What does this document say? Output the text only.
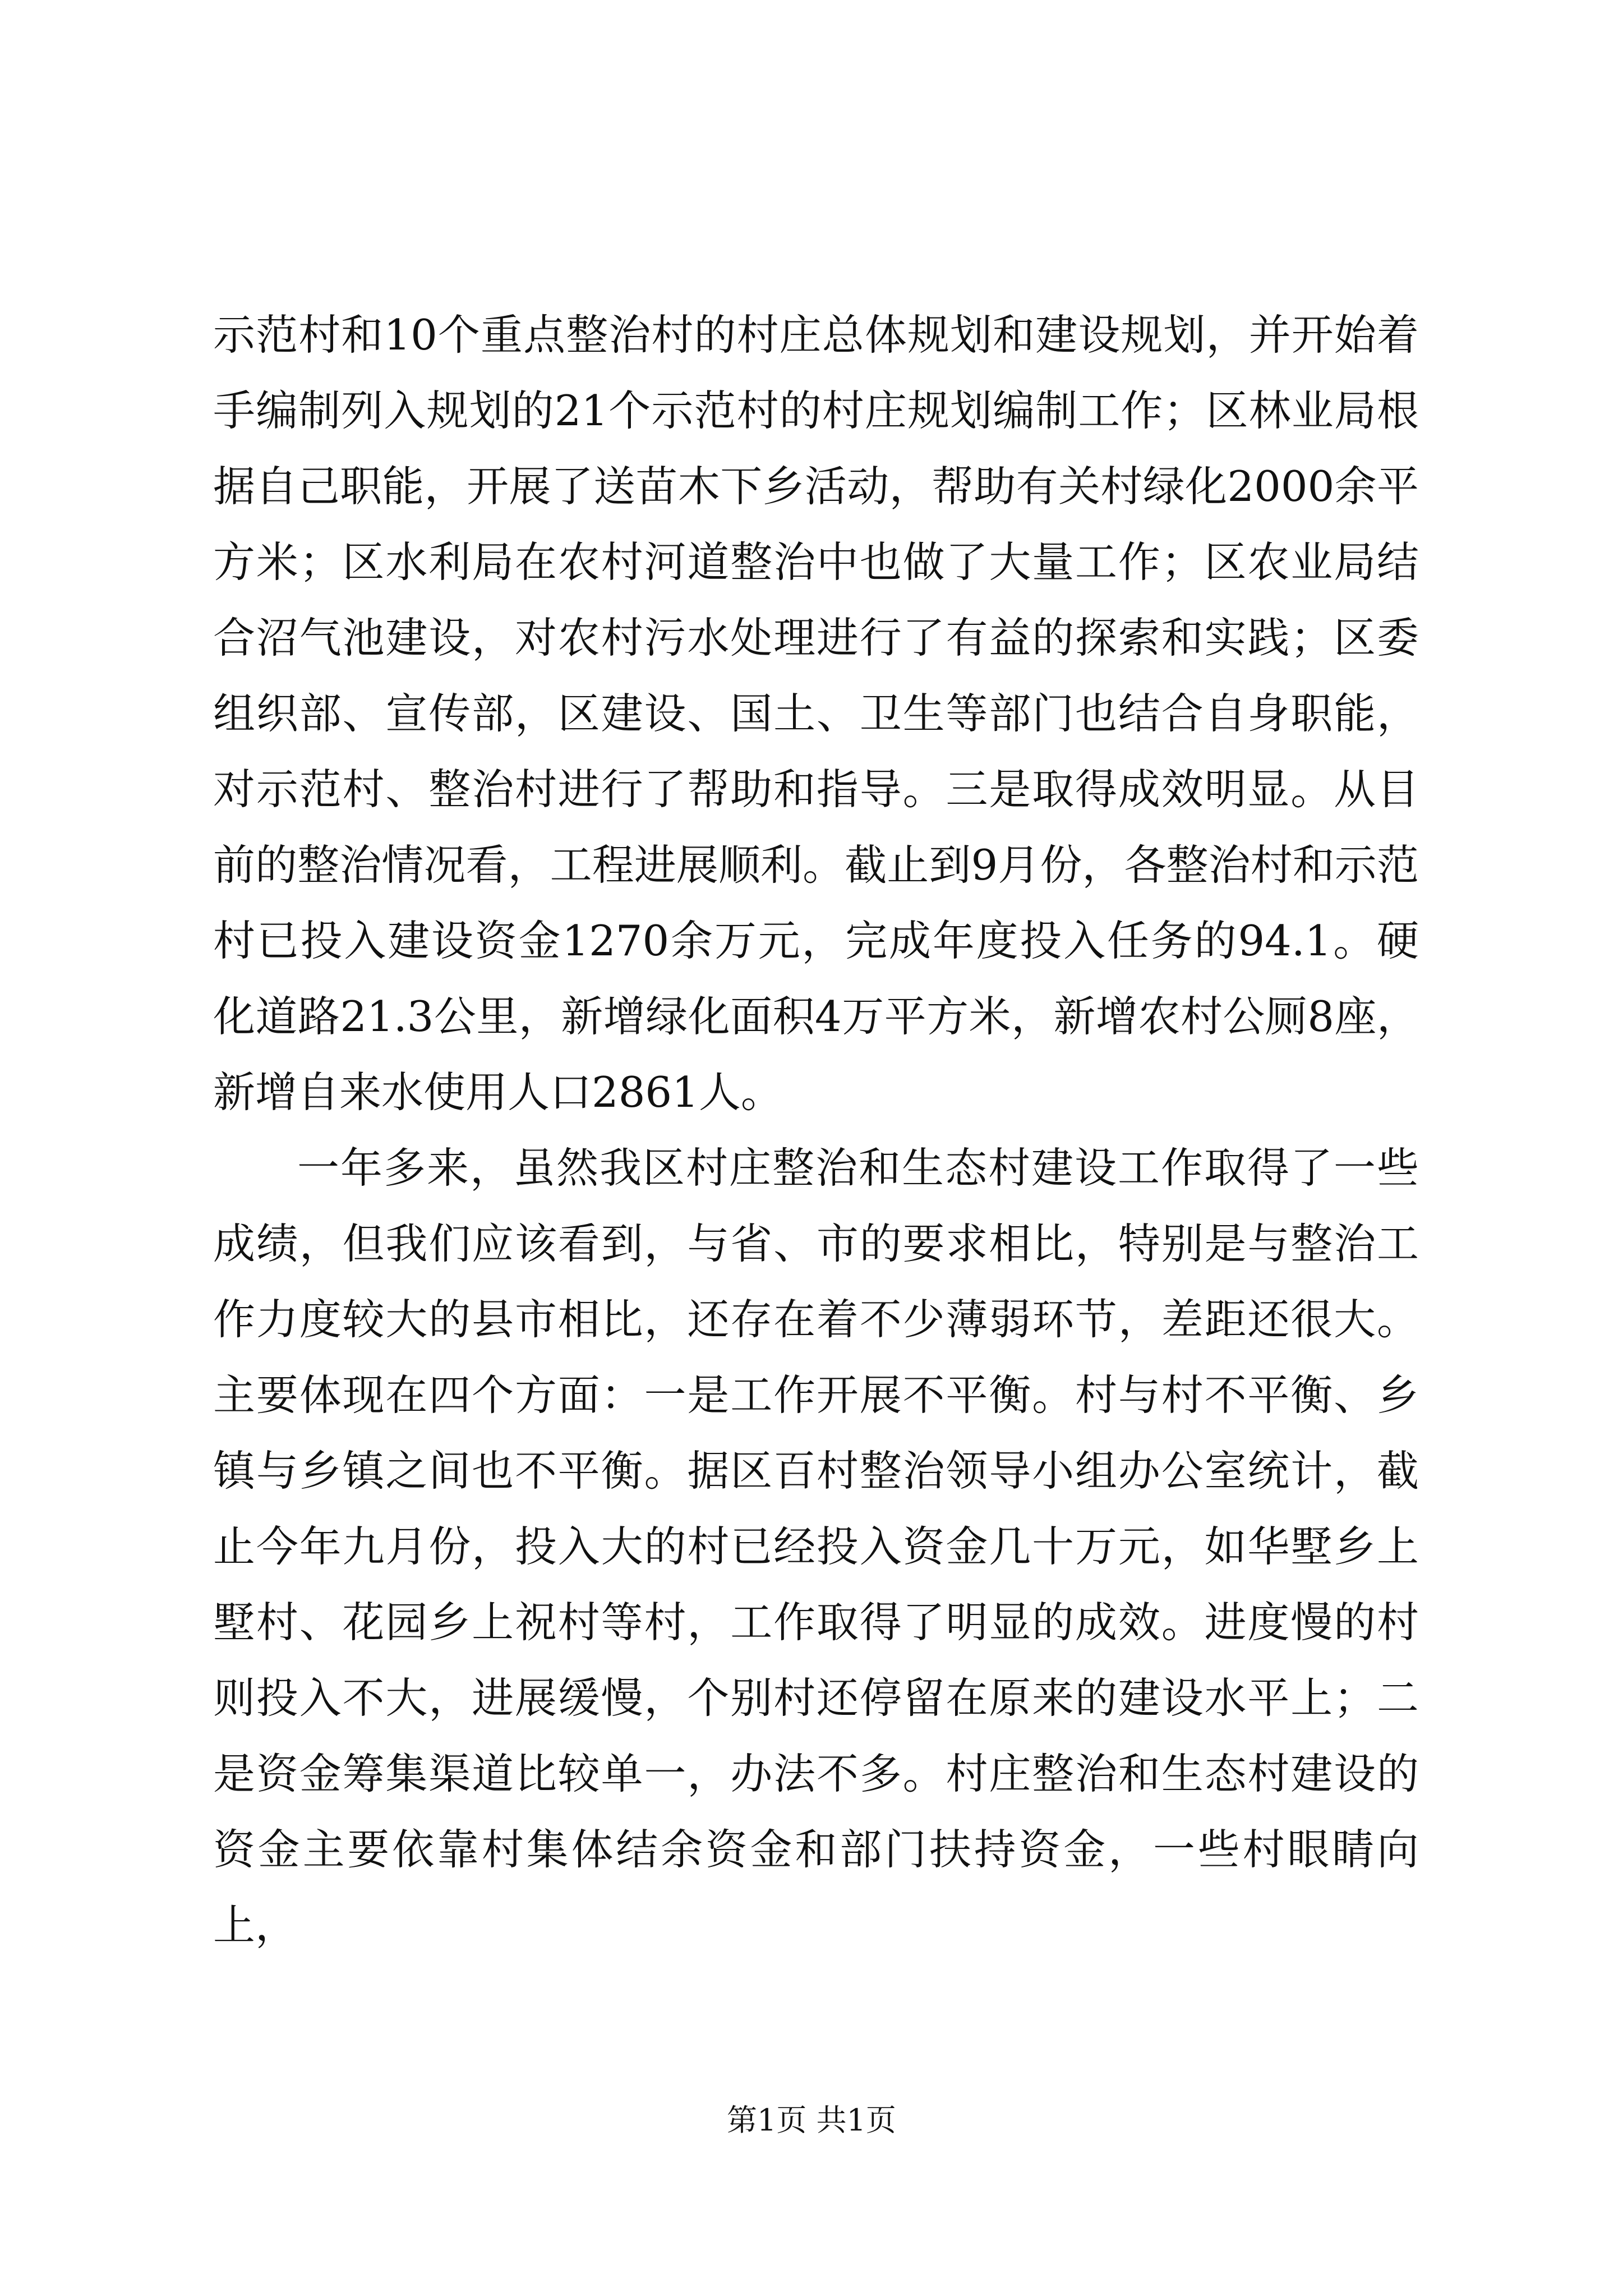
示范村和10个重点整治村的村庄总体规划和建设规划，并开始着手编制列入规划的21个示范村的村庄规划编制工作；区林业局根据自己职能，开展了送苗木下乡活动，帮助有关村绿化2000余平方米；区水利局在农村河道整治中也做了大量工作；区农业局结合沼气池建设，对农村污水处理进行了有益的探索和实践；区委组织部、宣传部，区建设、国土、卫生等部门也结合自身职能，对示范村、整治村进行了帮助和指导。三是取得成效明显。从目前的整治情况看，工程进展顺利。截止到9月份，各整治村和示范村已投入建设资金1270余万元，完成年度投入任务的94.1。硬化道路21.3公里，新增绿化面积4万平方米，新增农村公厕8座，新增自来水使用人口2861人。

一年多来，虽然我区村庄整治和生态村建设工作取得了一些成绩，但我们应该看到，与省、市的要求相比，特别是与整治工作力度较大的县市相比，还存在着不少薄弱环节，差距还很大。主要体现在四个方面：一是工作开展不平衡。村与村不平衡、乡镇与乡镇之间也不平衡。据区百村整治领导小组办公室统计，截止今年九月份，投入大的村已经投入资金几十万元，如华墅乡上墅村、花园乡上祝村等村，工作取得了明显的成效。进度慢的村则投入不大，进展缓慢，个别村还停留在原来的建设水平上；二是资金筹集渠道比较单一，办法不多。村庄整治和生态村建设的资金主要依靠村集体结余资金和部门扶持资金，一些村眼睛向上，

第1页 共1页
